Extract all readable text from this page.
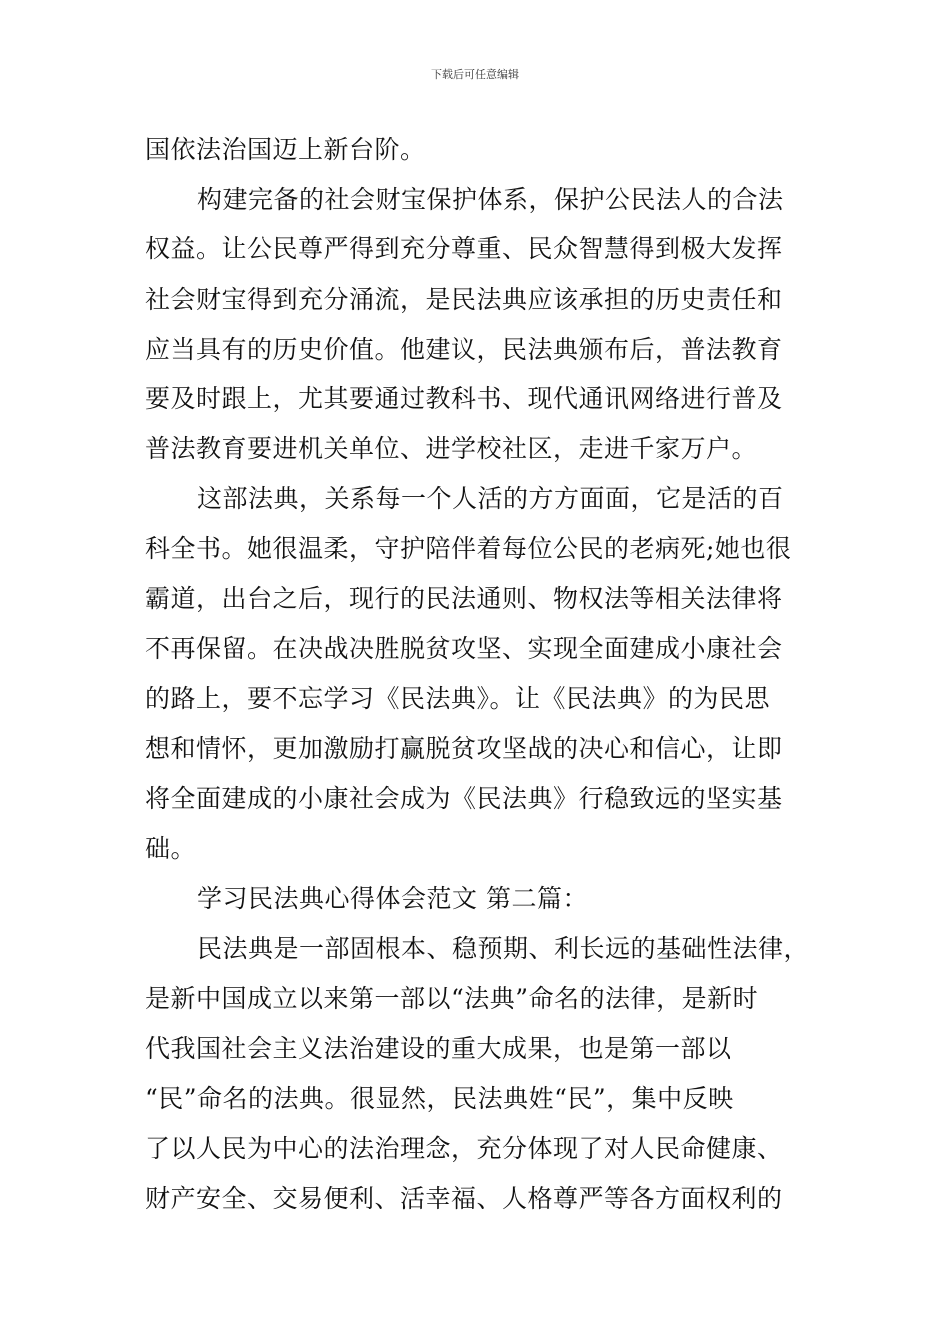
下载后可任意编辑
国依法治国迈上新台阶。
构建完备的社会财宝保护体系，保护公民法人的合法
权益。让公民尊严得到充分尊重、民众智慧得到极大发挥
社会财宝得到充分涌流，是民法典应该承担的历史责任和
应当具有的历史价值。他建议，民法典颁布后，普法教育
要及时跟上，尤其要通过教科书、现代通讯网络进行普及
普法教育要进机关单位、进学校社区，走进千家万户。
这部法典，关系每一个人活的方方面面，它是活的百
科全书。她很温柔，守护陪伴着每位公民的老病死;她也很
霸道，出台之后，现行的民法通则、物权法等相关法律将
不再保留。在决战决胜脱贫攻坚、实现全面建成小康社会
的路上，要不忘学习《民法典》。让《民法典》的为民思
想和情怀，更加激励打赢脱贫攻坚战的决心和信心，让即
将全面建成的小康社会成为《民法典》行稳致远的坚实基
础。
学习民法典心得体会范文 第二篇：
民法典是一部固根本、稳预期、利长远的基础性法律，
是新中国成立以来第一部以“法典”命名的法律，是新时
代我国社会主义法治建设的重大成果，也是第一部以
“民”命名的法典。很显然，民法典姓“民”，集中反映
了以人民为中心的法治理念，充分体现了对人民命健康、
财产安全、交易便利、活幸福、人格尊严等各方面权利的
